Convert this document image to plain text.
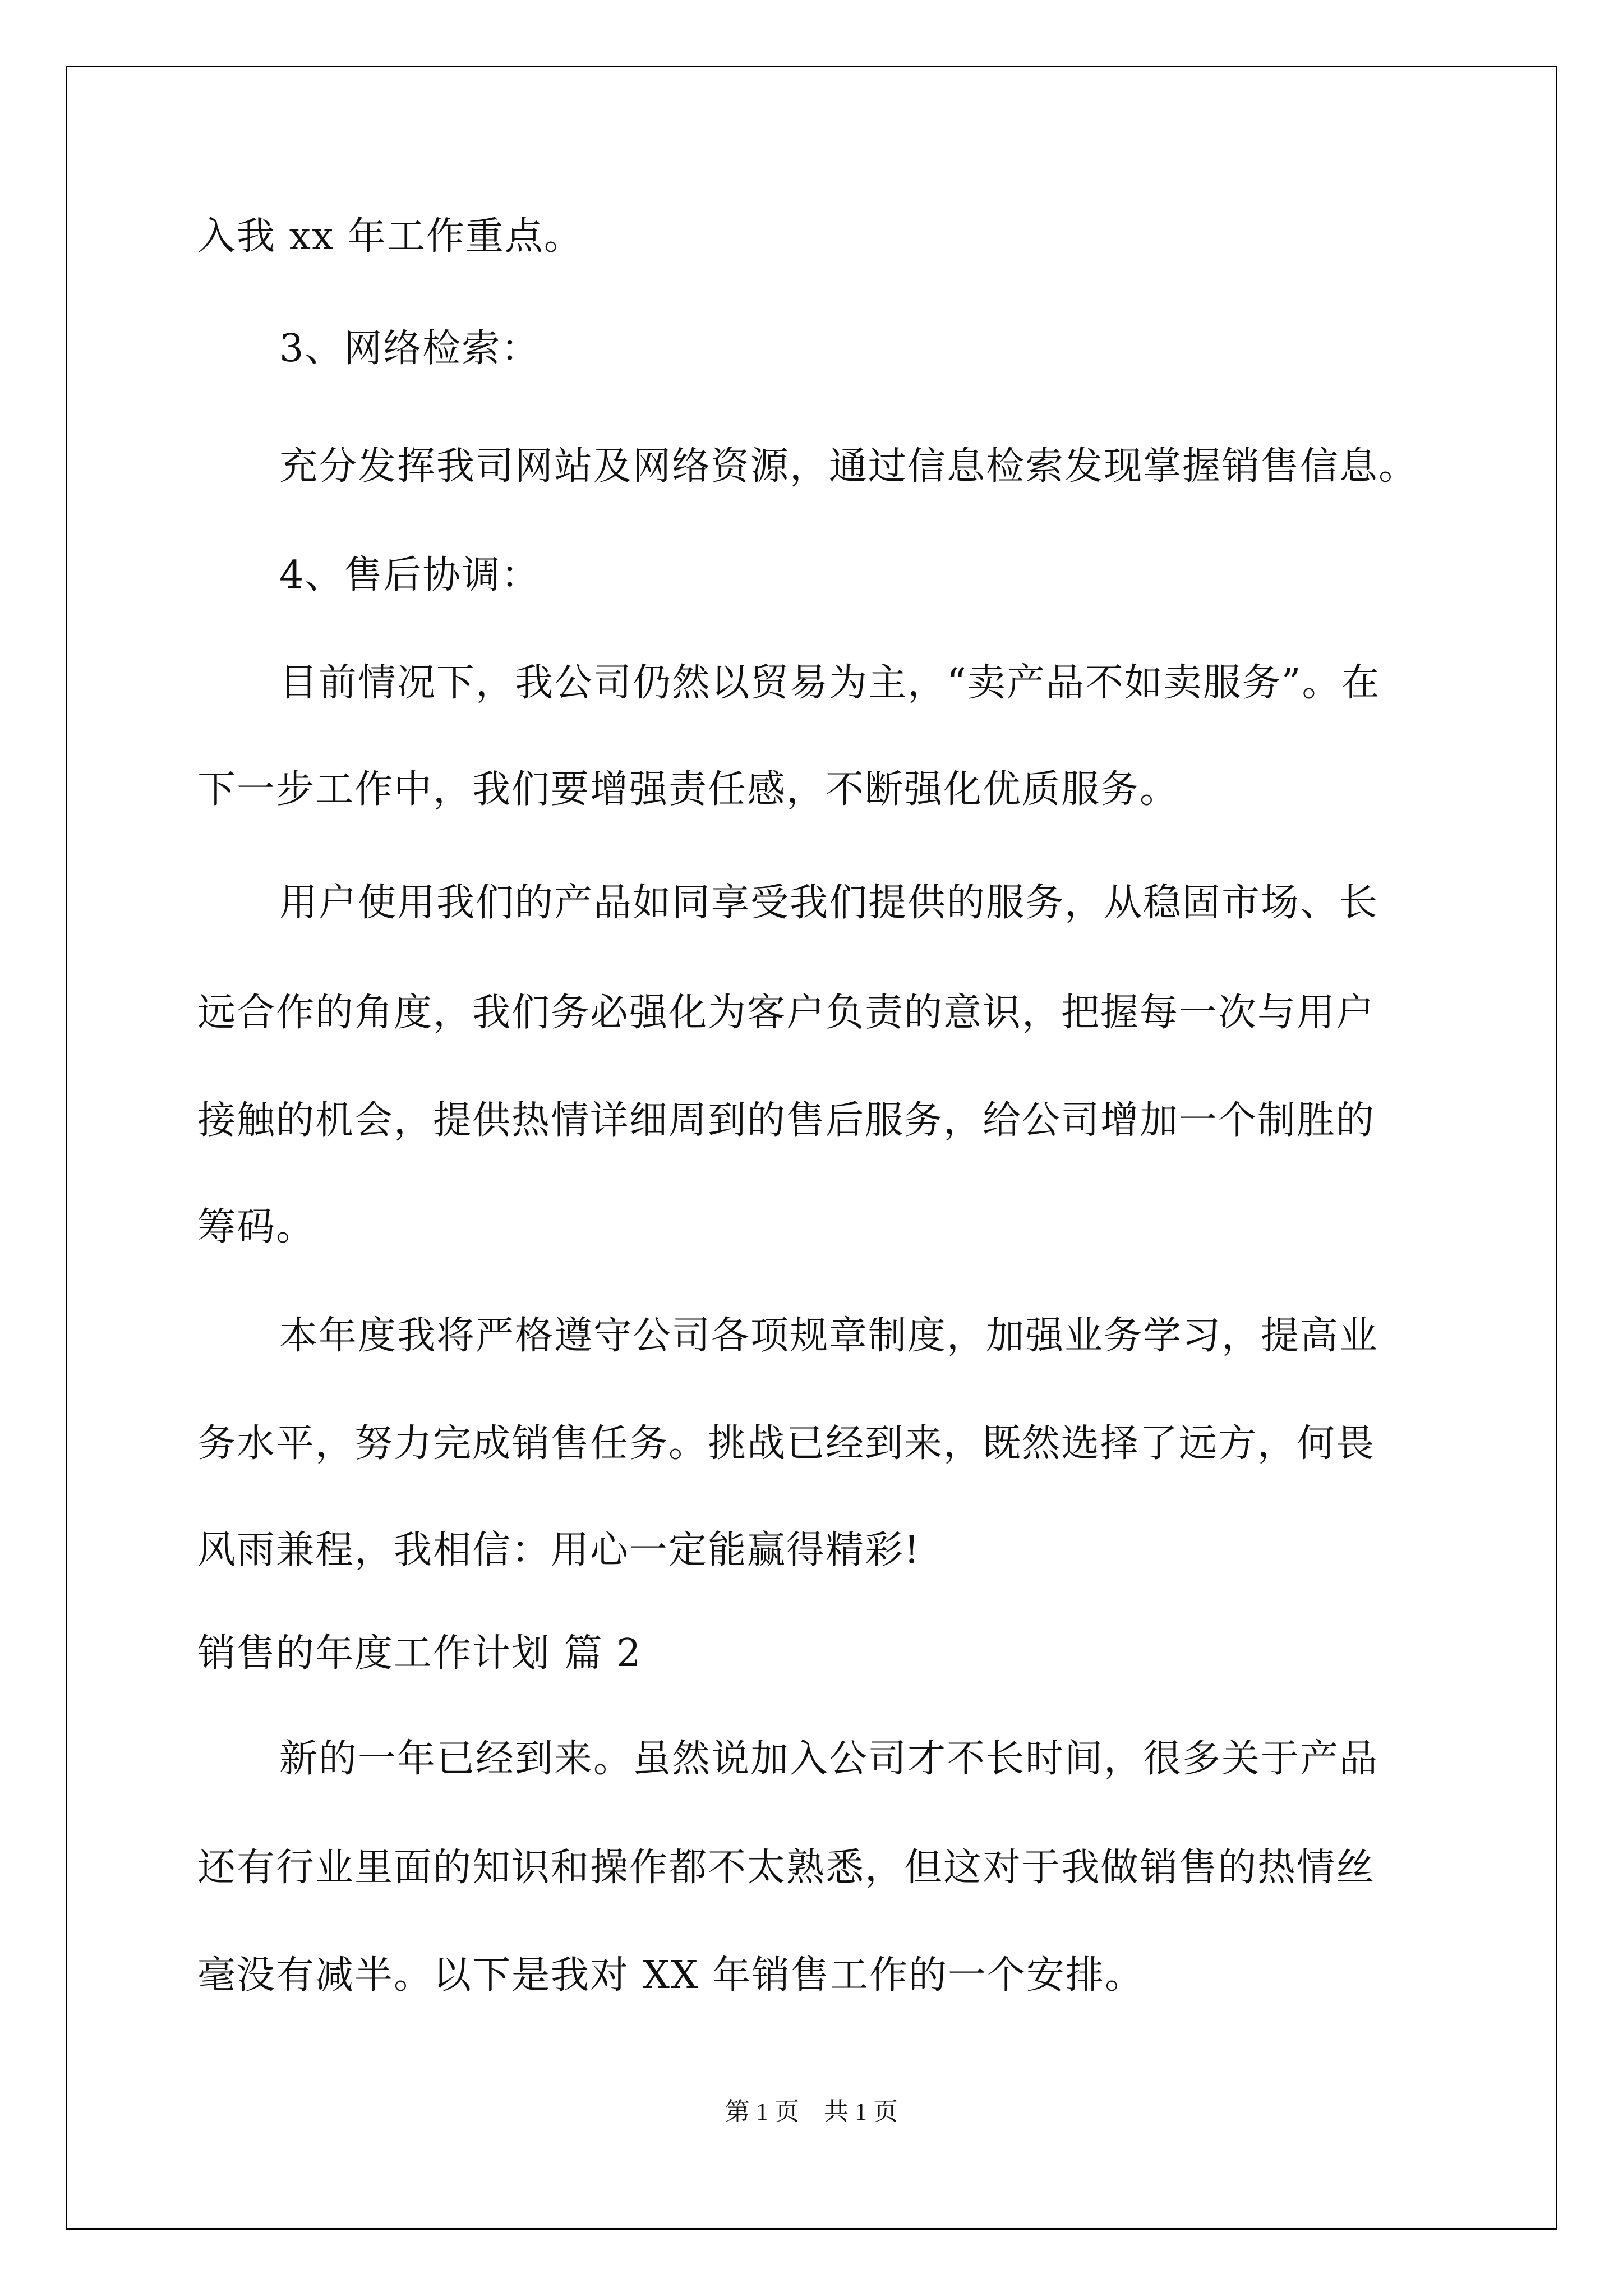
入我 xx 年工作重点。
3、网络检索：
充分发挥我司网站及网络资源，通过信息检索发现掌握销售信息。
4、售后协调：
目前情况下，我公司仍然以贸易为主，“卖产品不如卖服务”。在
下一步工作中，我们要增强责任感，不断强化优质服务。
用户使用我们的产品如同享受我们提供的服务，从稳固市场、长
远合作的角度，我们务必强化为客户负责的意识，把握每一次与用户
接触的机会，提供热情详细周到的售后服务，给公司增加一个制胜的
筹码。
本年度我将严格遵守公司各项规章制度，加强业务学习，提高业
务水平，努力完成销售任务。挑战已经到来，既然选择了远方，何畏
风雨兼程，我相信：用心一定能赢得精彩!
销售的年度工作计划 篇 2
新的一年已经到来。虽然说加入公司才不长时间，很多关于产品
还有行业里面的知识和操作都不太熟悉，但这对于我做销售的热情丝
毫没有减半。以下是我对 XX 年销售工作的一个安排。
第 1 页　共 1 页
